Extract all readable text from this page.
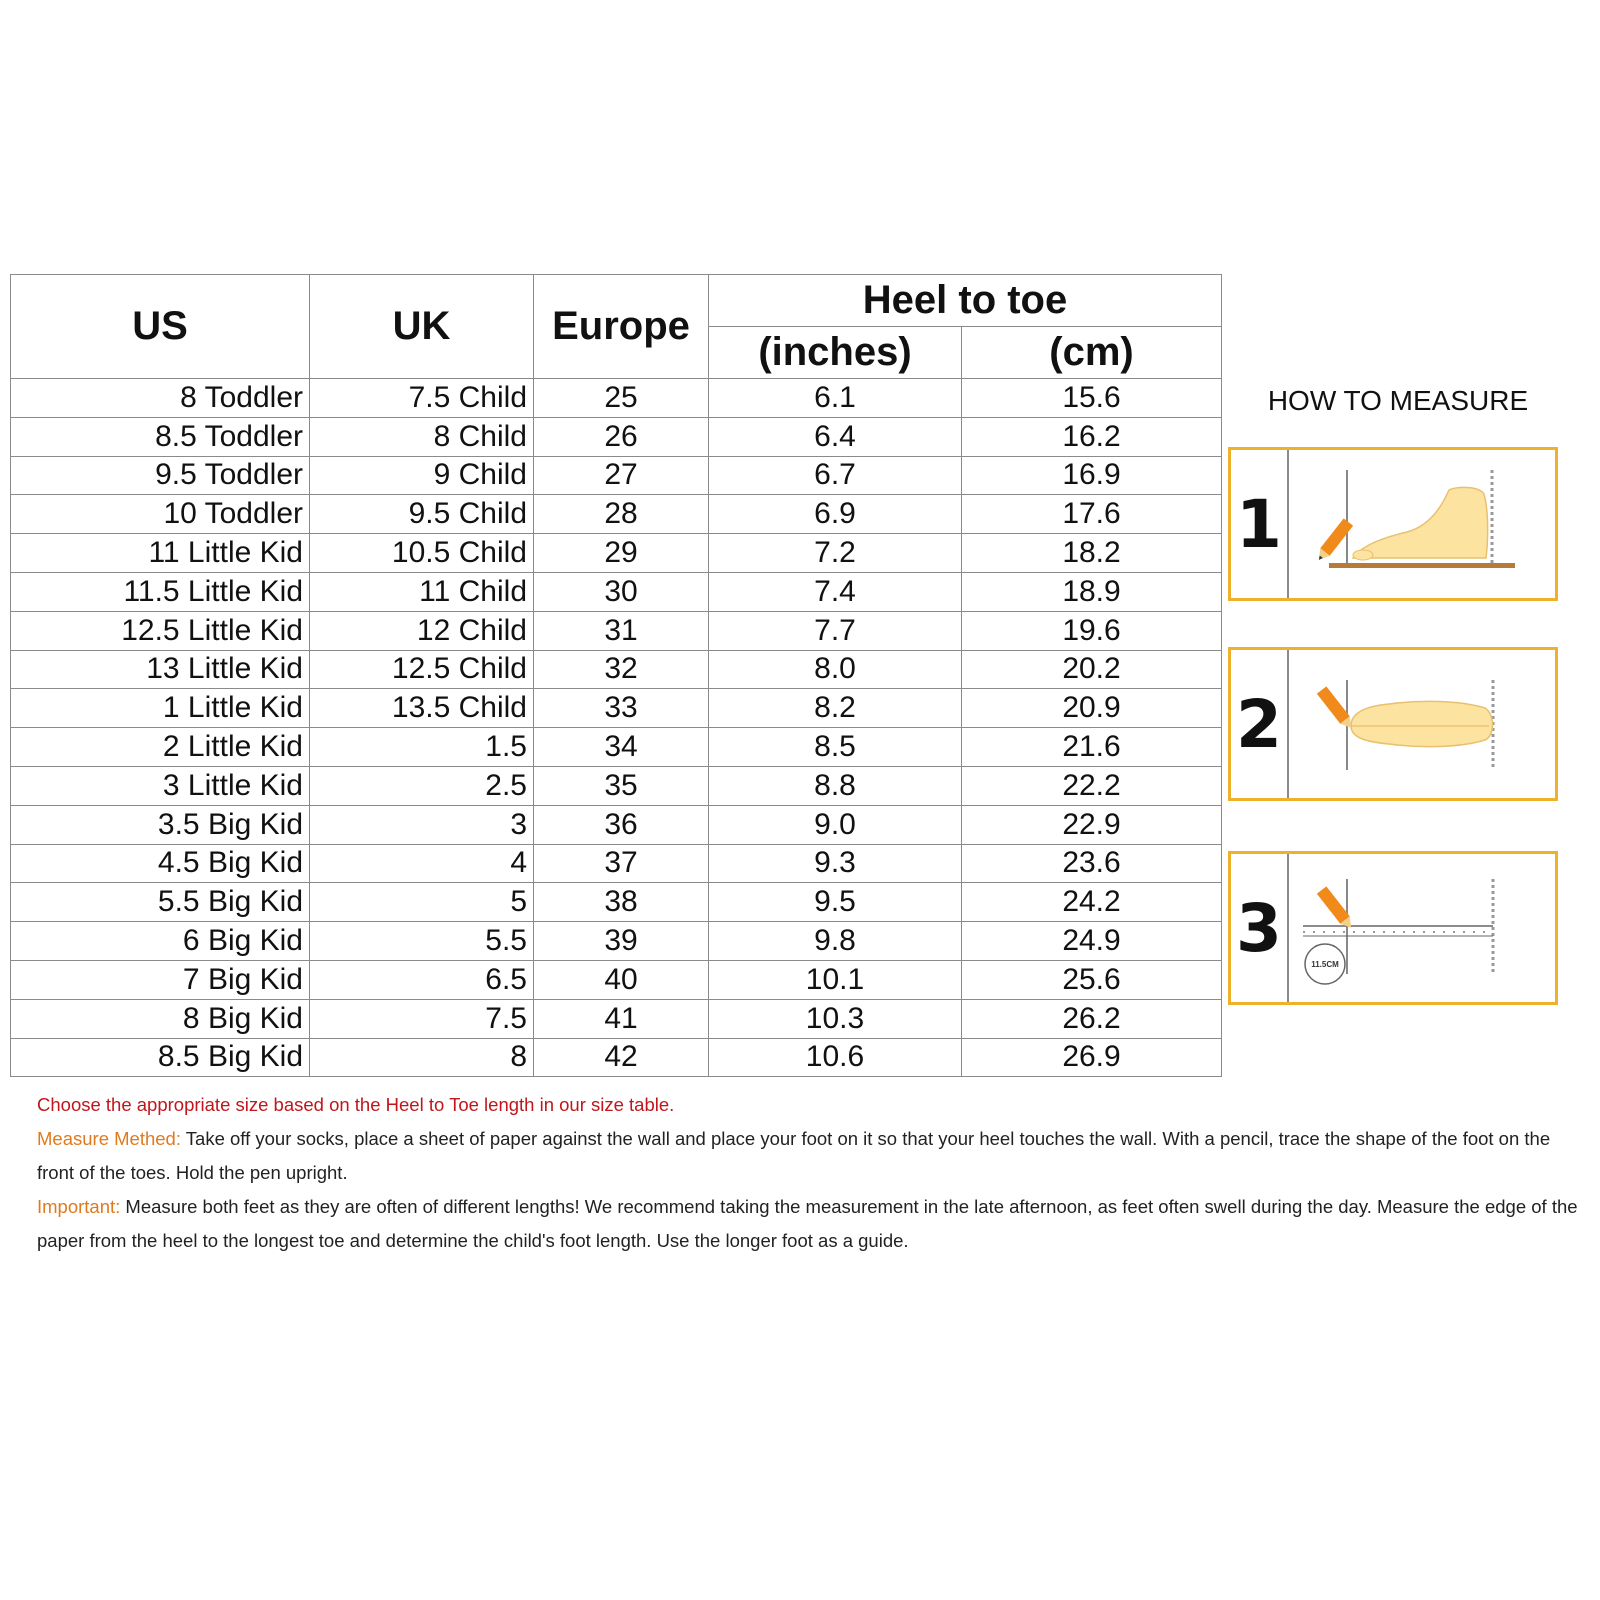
US	UK	Europe	Heel to toe	
			(inches)	(cm)
8 Toddler	7.5 Child	25	6.1	15.6
8.5 Toddler	8 Child	26	6.4	16.2
9.5 Toddler	9 Child	27	6.7	16.9
10 Toddler	9.5 Child	28	6.9	17.6
11 Little Kid	10.5 Child	29	7.2	18.2
11.5 Little Kid	11 Child	30	7.4	18.9
12.5 Little Kid	12 Child	31	7.7	19.6
13 Little Kid	12.5 Child	32	8.0	20.2
1 Little Kid	13.5 Child	33	8.2	20.9
2 Little Kid	1.5	34	8.5	21.6
3 Little Kid	2.5	35	8.8	22.2
3.5 Big Kid	3	36	9.0	22.9
4.5 Big Kid	4	37	9.3	23.6
5.5 Big Kid	5	38	9.5	24.2
6 Big Kid	5.5	39	9.8	24.9
7 Big Kid	6.5	40	10.1	25.6
8 Big Kid	7.5	41	10.3	26.2
8.5 Big Kid	8	42	10.6	26.9
HOW TO MEASURE
1
2
3	11.5CM
Choose the appropriate size based on the Heel to Toe length in our size table.
Measure Methed: Take off your socks, place a sheet of paper against the wall and place your foot on it so that your heel touches the wall. With a pencil, trace the shape of the foot on the front of the toes. Hold the pen upright.
Important: Measure both feet as they are often of different lengths! We recommend taking the measurement in the late afternoon, as feet often swell during the day. Measure the edge of the paper from the heel to the longest toe and determine the child's foot length. Use the longer foot as a guide.
